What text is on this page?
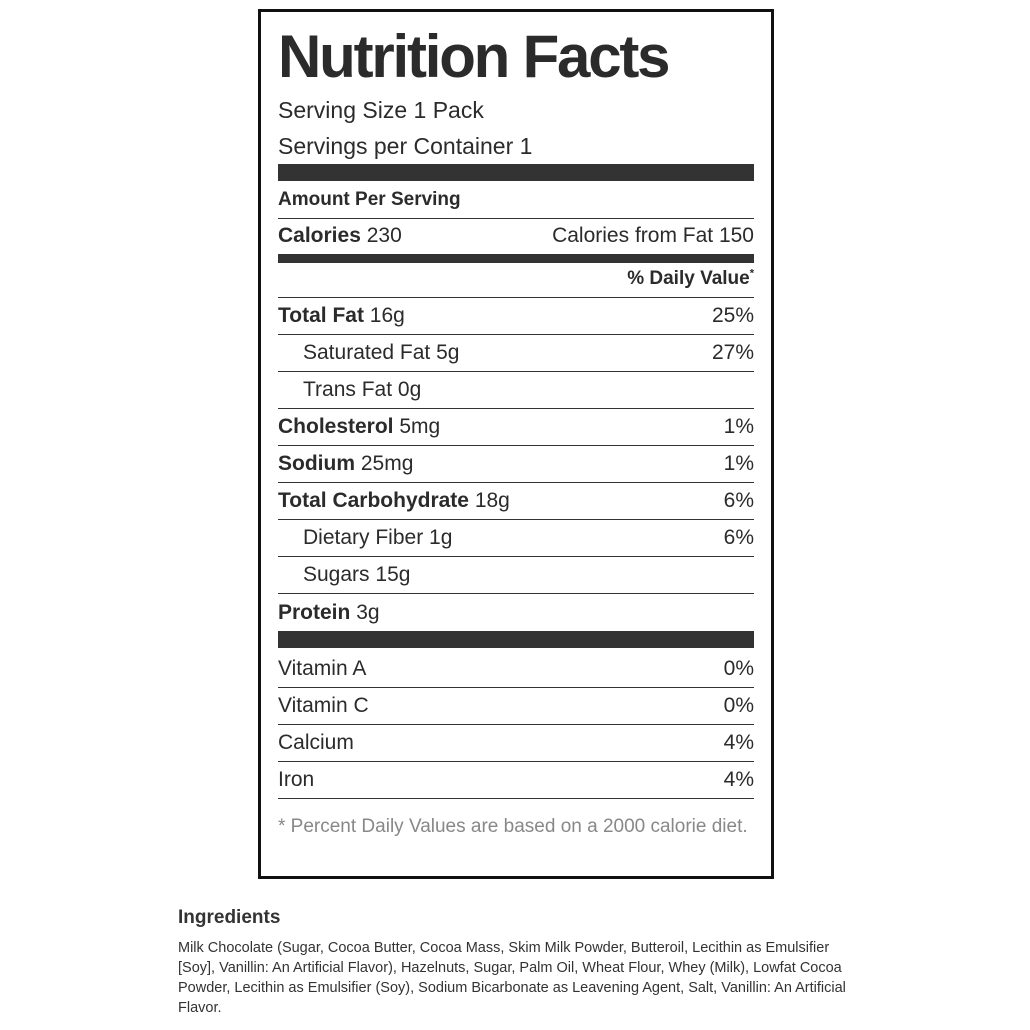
Nutrition Facts
Serving Size 1 Pack
Servings per Container 1
Amount Per Serving
Calories 230	Calories from Fat 150
% Daily Value*
Total Fat 16g	25%
Saturated Fat 5g	27%
Trans Fat 0g
Cholesterol 5mg	1%
Sodium 25mg	1%
Total Carbohydrate 18g	6%
Dietary Fiber 1g	6%
Sugars 15g
Protein 3g
Vitamin A	0%
Vitamin C	0%
Calcium	4%
Iron	4%
* Percent Daily Values are based on a 2000 calorie diet.
Ingredients

Milk Chocolate (Sugar, Cocoa Butter, Cocoa Mass, Skim Milk Powder, Butteroil, Lecithin as Emulsifier [Soy], Vanillin: An Artificial Flavor), Hazelnuts, Sugar, Palm Oil, Wheat Flour, Whey (Milk), Lowfat Cocoa Powder, Lecithin as Emulsifier (Soy), Sodium Bicarbonate as Leavening Agent, Salt, Vanillin: An Artificial Flavor.
